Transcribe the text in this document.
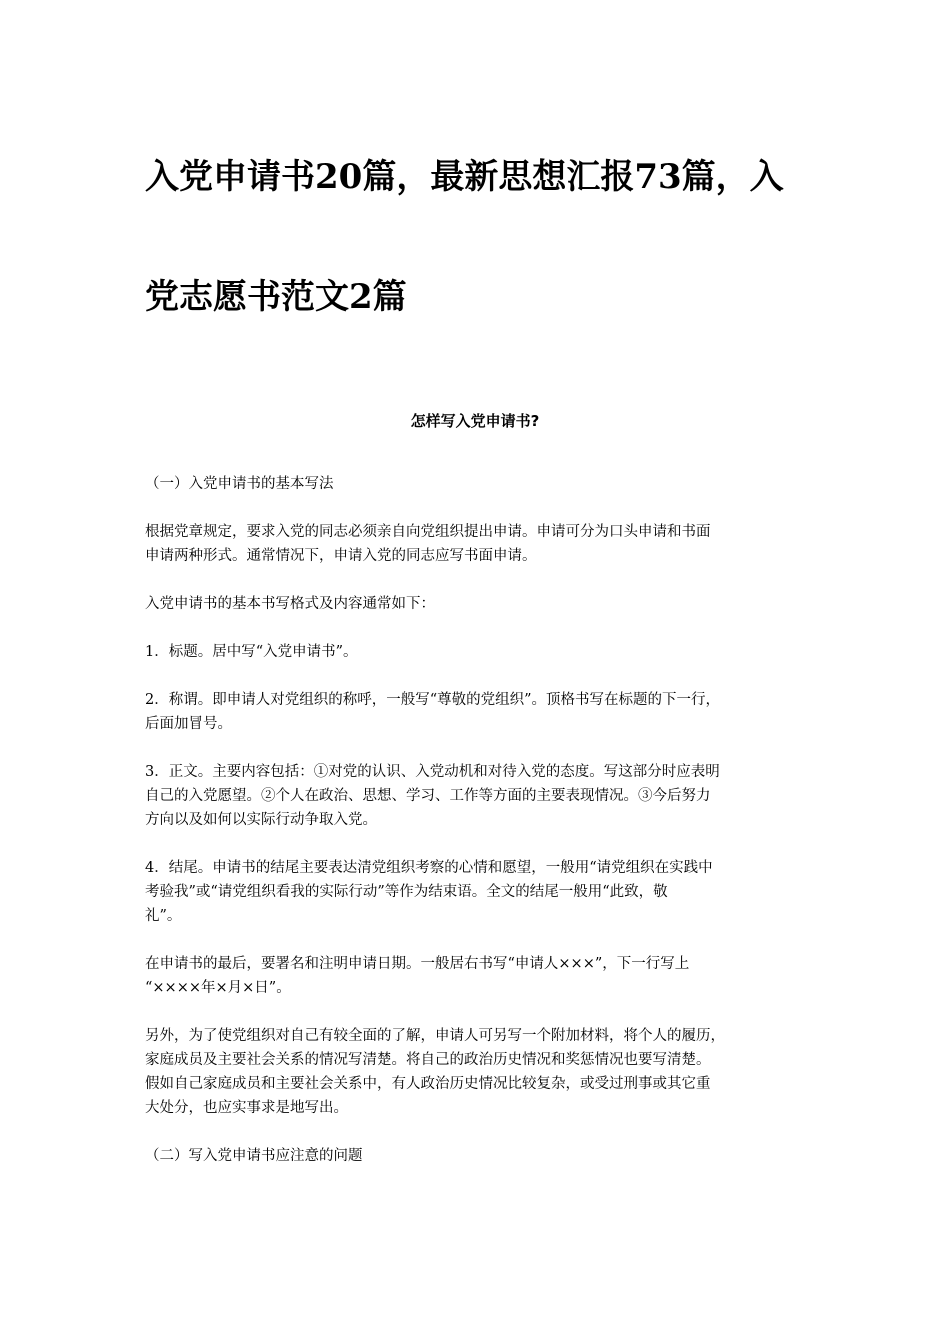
入党申请书20篇，最新思想汇报73篇，入
党志愿书范文2篇
怎样写入党申请书?

（一）入党申请书的基本写法

根据党章规定，要求入党的同志必须亲自向党组织提出申请。申请可分为口头申请和书面
申请两种形式。通常情况下，申请入党的同志应写书面申请。

入党申请书的基本书写格式及内容通常如下：

1．标题。居中写“入党申请书”。

2．称谓。即申请人对党组织的称呼，一般写“尊敬的党组织”。顶格书写在标题的下一行，
后面加冒号。

3．正文。主要内容包括：①对党的认识、入党动机和对待入党的态度。写这部分时应表明
自己的入党愿望。②个人在政治、思想、学习、工作等方面的主要表现情况。③今后努力
方向以及如何以实际行动争取入党。

4．结尾。申请书的结尾主要表达清党组织考察的心情和愿望，一般用“请党组织在实践中
考验我”或“请党组织看我的实际行动”等作为结束语。全文的结尾一般用“此致，敬
礼”。

在申请书的最后，要署名和注明申请日期。一般居右书写“申请人×××”，下一行写上
“××××年×月×日”。

另外，为了使党组织对自己有较全面的了解，申请人可另写一个附加材料，将个人的履历，
家庭成员及主要社会关系的情况写清楚。将自己的政治历史情况和奖惩情况也要写清楚。
假如自己家庭成员和主要社会关系中，有人政治历史情况比较复杂，或受过刑事或其它重
大处分，也应实事求是地写出。

（二）写入党申请书应注意的问题
